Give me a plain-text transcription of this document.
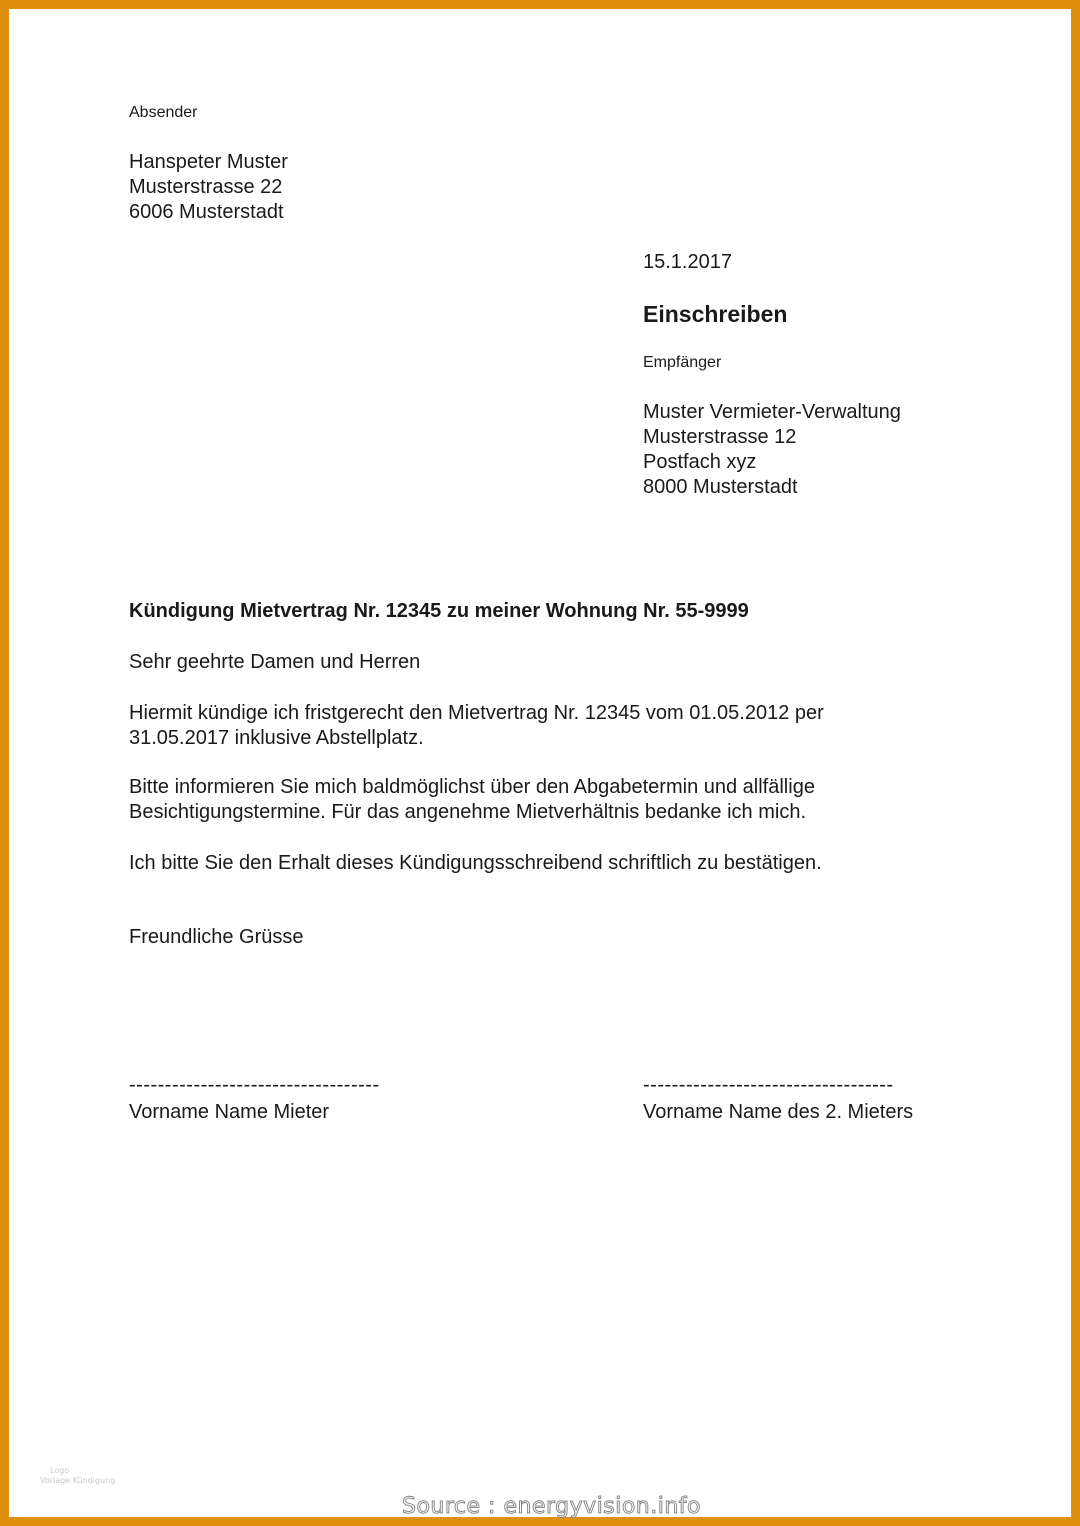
Absender

Hanspeter Muster
Musterstrasse 22
6006 Musterstadt

15.1.2017

Einschreiben

Empfänger

Muster Vermieter-Verwaltung
Musterstrasse 12
Postfach xyz
8000 Musterstadt

Kündigung Mietvertrag Nr. 12345 zu meiner Wohnung Nr. 55-9999

Sehr geehrte Damen und Herren

Hiermit kündige ich fristgerecht den Mietvertrag Nr. 12345 vom 01.05.2012 per
31.05.2017 inklusive Abstellplatz.
Bitte informieren Sie mich baldmöglichst über den Abgabetermin und allfällige
Besichtigungstermine. Für das angenehme Mietverhältnis bedanke ich mich.
Ich bitte Sie den Erhalt dieses Kündigungsschreibend schriftlich zu bestätigen.

Freundliche Grüsse

-----------------------------------

Vorname Name Mieter

-----------------------------------

Vorname Name des 2. Mieters

Logo
Vorlage Kündigung
Source : energyvision.info
